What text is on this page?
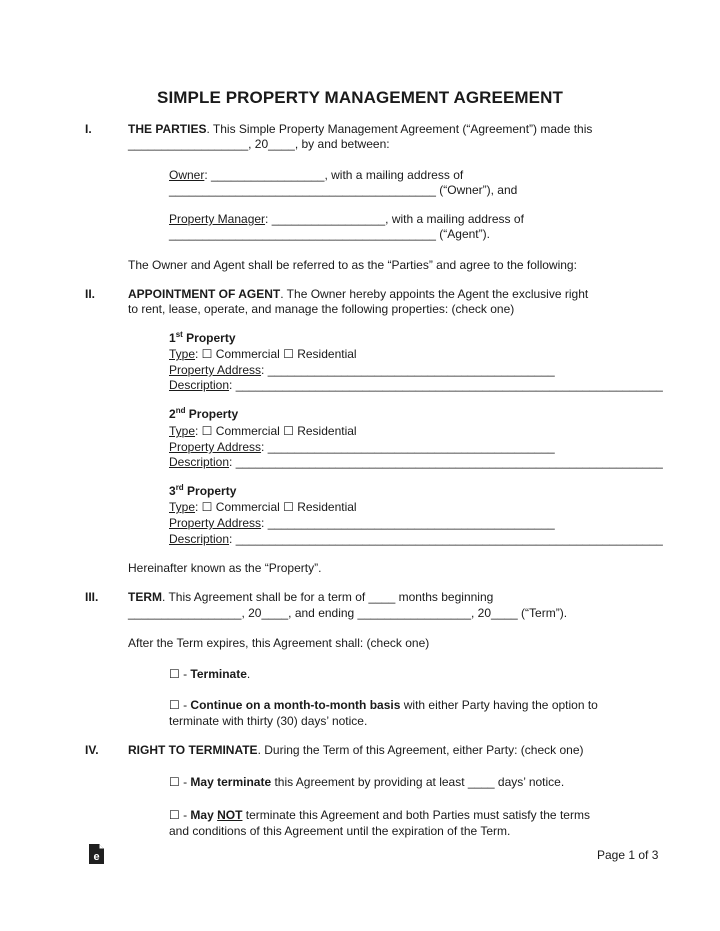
SIMPLE PROPERTY MANAGEMENT AGREEMENT
I.	THE PARTIES. This Simple Property Management Agreement (“Agreement”) made this
__________________, 20____, by and between:
Owner: _________________, with a mailing address of
________________________________________ (“Owner”), and
Property Manager: _________________, with a mailing address of
________________________________________ (“Agent”).
The Owner and Agent shall be referred to as the “Parties” and agree to the following:
II.	APPOINTMENT OF AGENT. The Owner hereby appoints the Agent the exclusive right
to rent, lease, operate, and manage the following properties: (check one)
1st Property
Type: ☐ Commercial ☐ Residential
Property Address: ___________________________________________
Description: ________________________________________________________________
2nd Property
Type: ☐ Commercial ☐ Residential
Property Address: ___________________________________________
Description: ________________________________________________________________
3rd Property
Type: ☐ Commercial ☐ Residential
Property Address: ___________________________________________
Description: ________________________________________________________________
Hereinafter known as the “Property”.
III. TERM. This Agreement shall be for a term of ____ months beginning
_________________, 20____, and ending _________________, 20____ (“Term”).
After the Term expires, this Agreement shall: (check one)
☐ - Terminate.
☐ - Continue on a month-to-month basis with either Party having the option to
terminate with thirty (30) days’ notice.
IV. RIGHT TO TERMINATE. During the Term of this Agreement, either Party: (check one)
☐ - May terminate this Agreement by providing at least ____ days’ notice.
☐ - May NOT terminate this Agreement and both Parties must satisfy the terms
and conditions of this Agreement until the expiration of the Term.
e	Page 1 of 3
